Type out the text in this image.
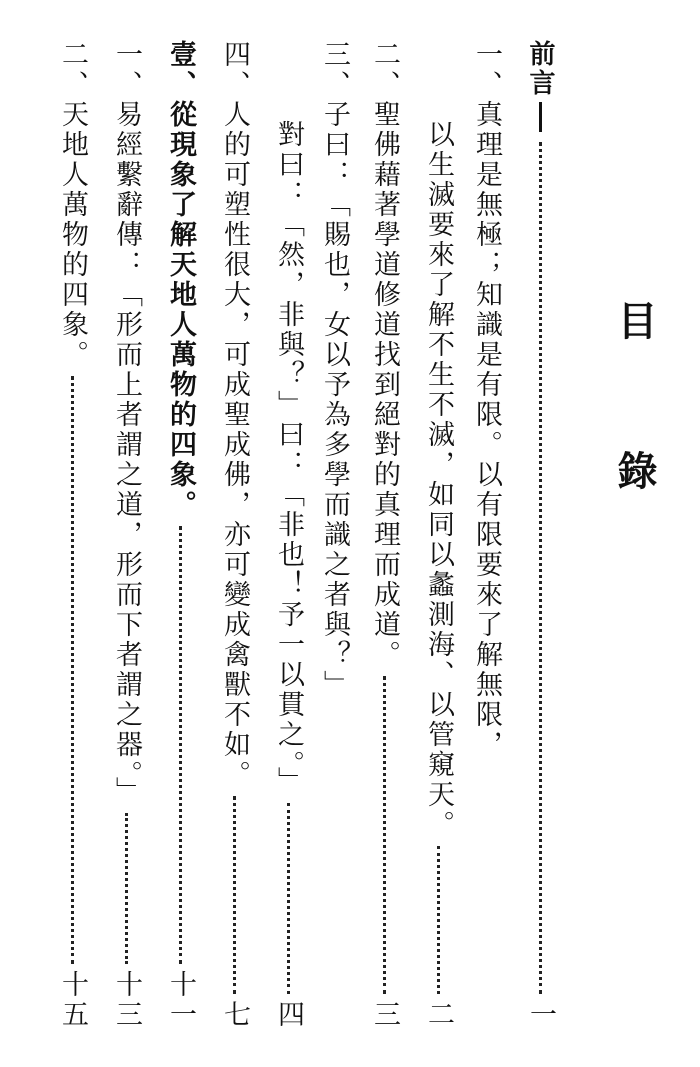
目
錄
前言
一
一、真理是無極；知識是有限。以有限要來了解無限，
以生滅要來了解不生不滅，如同以蠡測海、以管窺天。
二
二、聖佛藉著學道修道找到絕對的真理而成道。
三
三、子曰：「賜也，女以予為多學而識之者與？」
對曰：「然，非與？」曰：「非也！予一以貫之。」
四
四、人的可塑性很大，可成聖成佛，亦可變成禽獸不如。
七
壹、從現象了解天地人萬物的四象。
十一
一、易經繫辭傳：「形而上者謂之道，形而下者謂之器。」
十三
二、天地人萬物的四象。
十五
